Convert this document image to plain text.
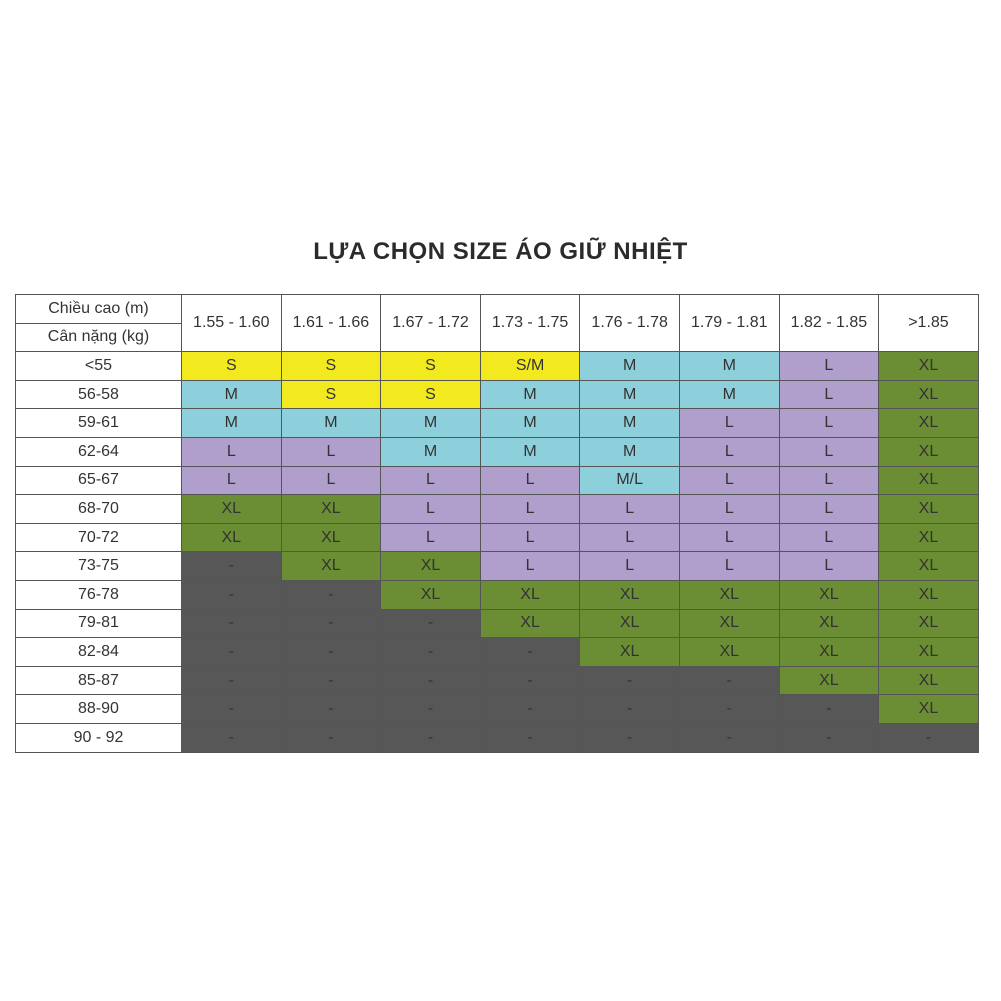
LỰA CHỌN SIZE ÁO GIỮ NHIỆT
Chiều cao (m)	1.55 - 1.60	1.61 - 1.66	1.67 - 1.72	1.73 - 1.75	1.76 - 1.78	1.79 - 1.81	1.82 - 1.85	>1.85
Cân nặng (kg)								
<55	S	S	S	S/M	M	M	L	XL
56-58	M	S	S	M	M	M	L	XL
59-61	M	M	M	M	M	L	L	XL
62-64	L	L	M	M	M	L	L	XL
65-67	L	L	L	L	M/L	L	L	XL
68-70	XL	XL	L	L	L	L	L	XL
70-72	XL	XL	L	L	L	L	L	XL
73-75	-	XL	XL	L	L	L	L	XL
76-78	-	-	XL	XL	XL	XL	XL	XL
79-81	-	-	-	XL	XL	XL	XL	XL
82-84	-	-	-	-	XL	XL	XL	XL
85-87	-	-	-	-	-	-	XL	XL
88-90	-	-	-	-	-	-	-	XL
90 - 92	-	-	-	-	-	-	-	-
